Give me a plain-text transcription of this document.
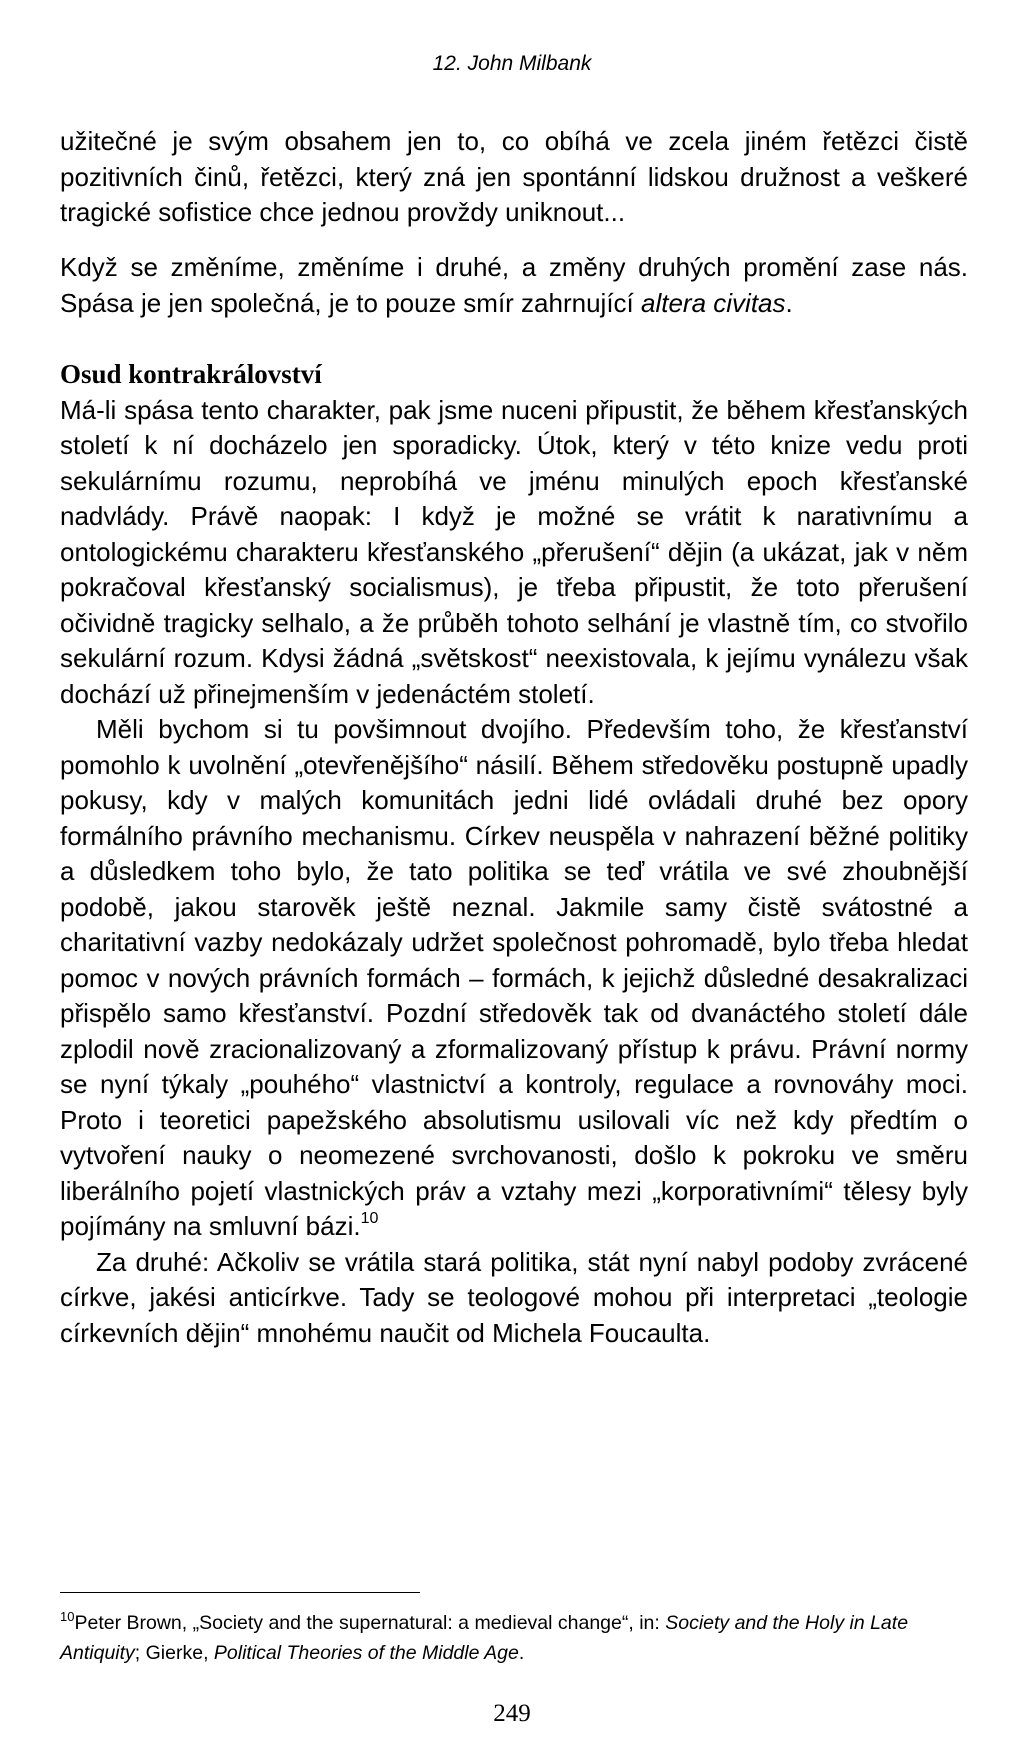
12. John Milbank

užitečné je svým obsahem jen to, co obíhá ve zcela jiném řetězci čistě pozitivních činů, řetězci, který zná jen spontánní lidskou družnost a veškeré tragické sofistice chce jednou provždy uniknout...

Když se změníme, změníme i druhé, a změny druhých promění zase nás. Spása je jen společná, je to pouze smír zahrnující altera civitas.

Osud kontrakrálovství

Má-li spása tento charakter, pak jsme nuceni připustit, že během křesťanských století k ní docházelo jen sporadicky. Útok, který v této knize vedu proti sekulárnímu rozumu, neprobíhá ve jménu minulých epoch křesťanské nadvlády. Právě naopak: I když je možné se vrátit k narativnímu a ontologickému charakteru křesťanského „přerušení“ dějin (a ukázat, jak v něm pokračoval křesťanský socialismus), je třeba připustit, že toto přerušení očividně tragicky selhalo, a že průběh tohoto selhání je vlastně tím, co stvořilo sekulární rozum. Kdysi žádná „světskost“ neexistovala, k jejímu vynálezu však dochází už přinejmenším v jedenáctém století.

Měli bychom si tu povšimnout dvojího. Především toho, že křesťanství pomohlo k uvolnění „otevřenějšího“ násilí. Během středověku postupně upadly pokusy, kdy v malých komunitách jedni lidé ovládali druhé bez opory formálního právního mechanismu. Církev neuspěla v nahrazení běžné politiky a důsledkem toho bylo, že tato politika se teď vrátila ve své zhoubnější podobě, jakou starověk ještě neznal. Jakmile samy čistě svátostné a charitativní vazby nedokázaly udržet společnost pohromadě, bylo třeba hledat pomoc v nových právních formách – formách, k jejichž důsledné desakralizaci přispělo samo křesťanství. Pozdní středověk tak od dvanáctého století dále zplodil nově zracionalizovaný a zformalizovaný přístup k právu. Právní normy se nyní týkaly „pouhého“ vlastnictví a kontroly, regulace a rovnováhy moci. Proto i teoretici papežského absolutismu usilovali víc než kdy předtím o vytvoření nauky o neomezené svrchovanosti, došlo k pokroku ve směru liberálního pojetí vlastnických práv a vztahy mezi „korporativními“ tělesy byly pojímány na smluvní bázi.$^{10}$

Za druhé: Ačkoliv se vrátila stará politika, stát nyní nabyl podoby zvrácené církve, jakési anticírkve. Tady se teologové mohou při interpretaci „teologie církevních dějin“ mnohému naučit od Michela Foucaulta.

$^{10}$Peter Brown, „Society and the supernatural: a medieval change“, in: Society and the Holy in Late Antiquity; Gierke, Political Theories of the Middle Age.
249
